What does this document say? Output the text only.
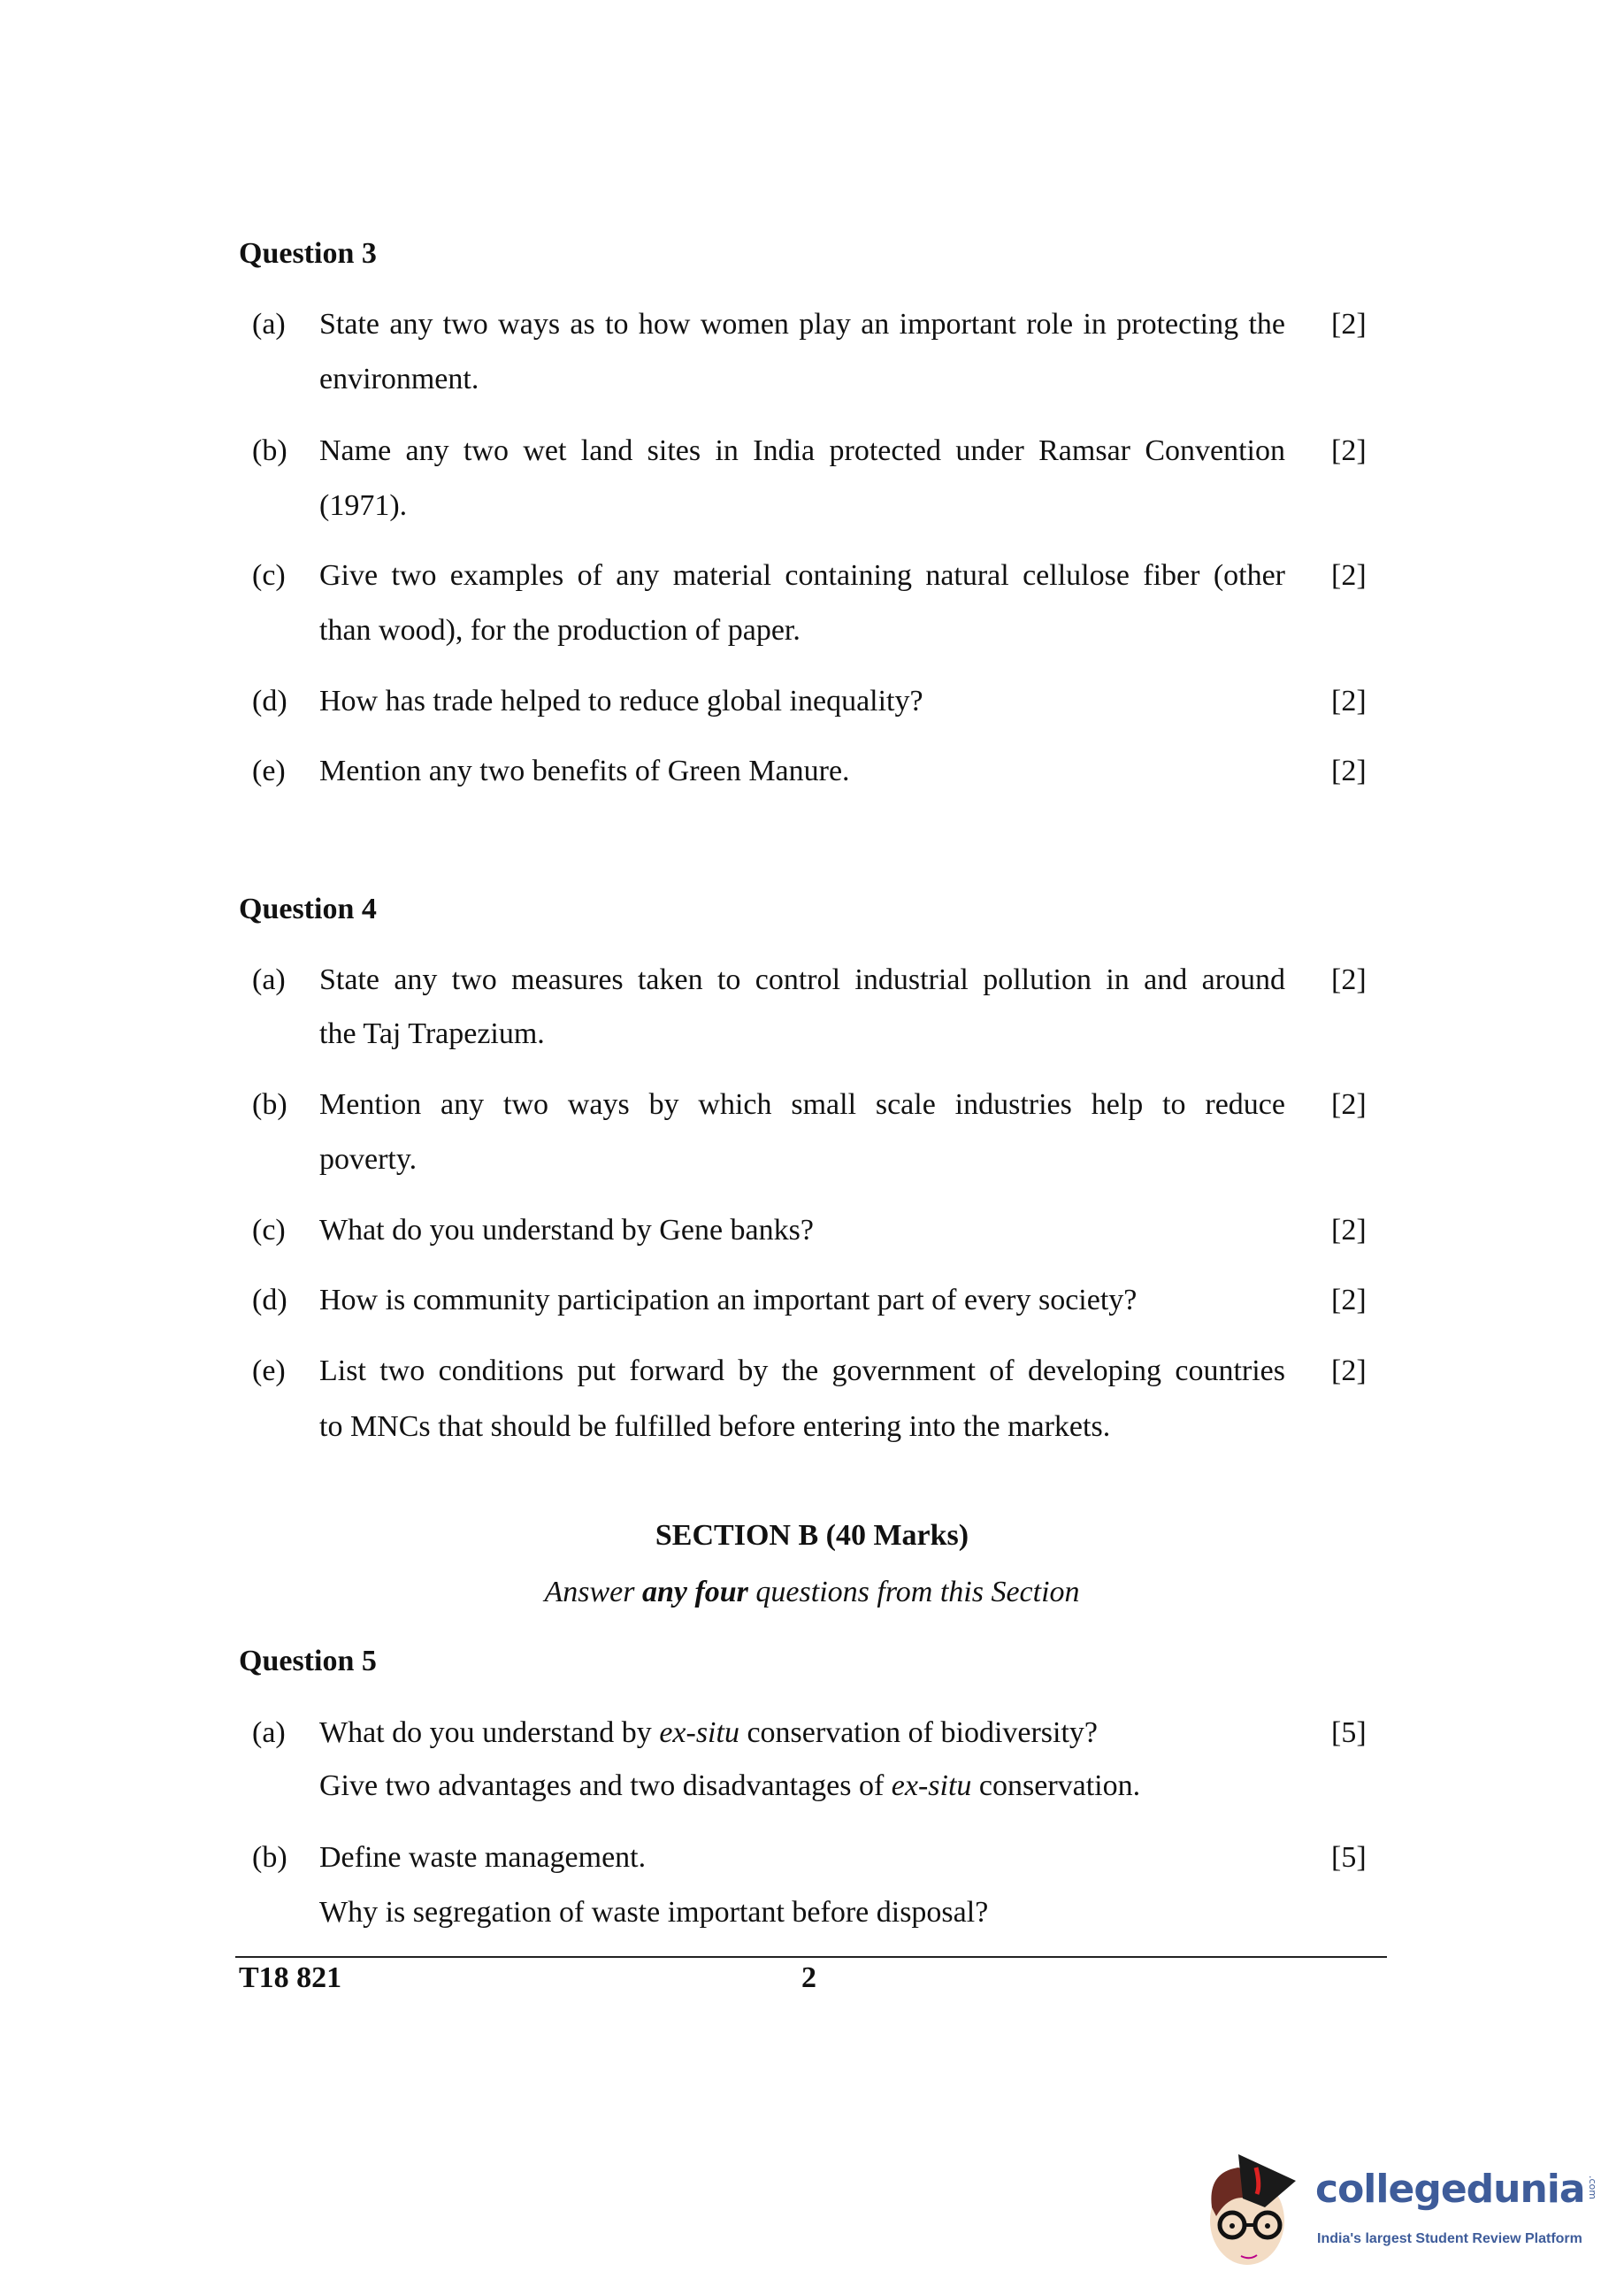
Question 3
(a)	[2]
State any two ways as to how women play an important role in protecting the
environment.
(b)	[2]
Name any two wet land sites in India protected under Ramsar Convention
(1971).
(c)	[2]
Give two examples of any material containing natural cellulose fiber (other
than wood), for the production of paper.
(d)	[2]
How has trade helped to reduce global inequality?
(e)	[2]
Mention any two benefits of Green Manure.
Question 4
(a)	[2]
State any two measures taken to control industrial pollution in and around
the Taj Trapezium.
(b)	[2]
Mention any two ways by which small scale industries help to reduce
poverty.
(c)	[2]
What do you understand by Gene banks?
(d)	[2]
How is community participation an important part of every society?
(e)	[2]
List two conditions put forward by the government of developing countries
to MNCs that should be fulfilled before entering into the markets.
Question 5
(a)	[5]
What do you understand by ex-situ conservation of biodiversity?
Give two advantages and two disadvantages of ex-situ conservation.
(b)	[5]
Define waste management.
Why is segregation of waste important before disposal?
SECTION B (40 Marks)
Answer any four questions from this Section
T18 821	2
collegedunia .com
India's largest Student Review Platform
